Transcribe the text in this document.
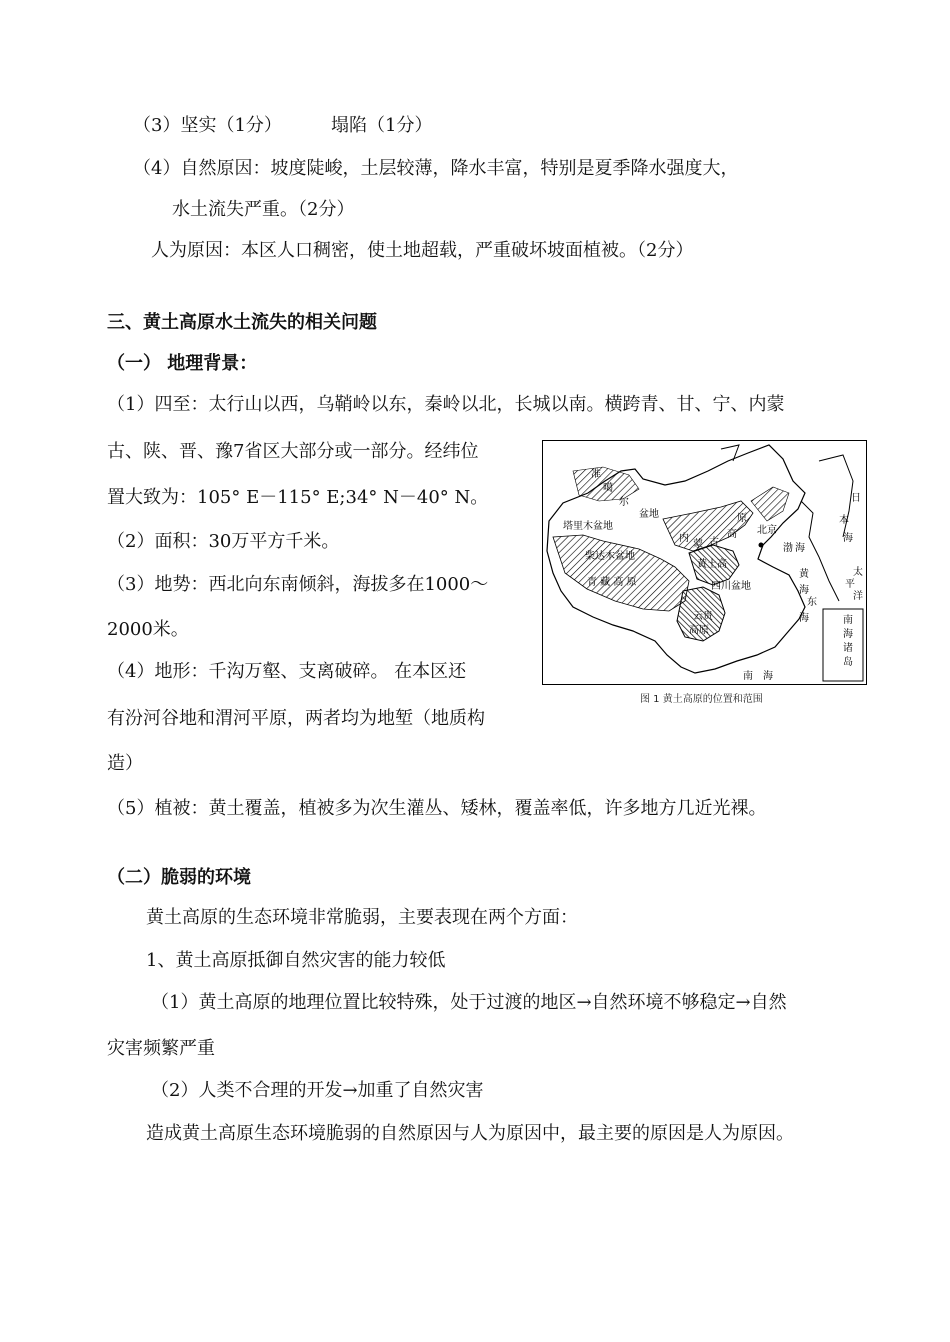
（3）坚实（1分）	塌陷（1分）
（4）自然原因：坡度陡峻，土层较薄，降水丰富，特别是夏季降水强度大，
水土流失严重。（2分）
人为原因：本区人口稠密，使土地超载，严重破坏坡面植被。（2分）
三、黄土高原水土流失的相关问题
（一） 地理背景：
（1）四至：太行山以西，乌鞘岭以东，秦岭以北，长城以南。横跨青、甘、宁、内蒙
古、陕、晋、豫7省区大部分或一部分。经纬位
置大致为：105° E－115° E;34° N－40° N。
（2）面积：30万平方千米。
（3）地势：西北向东南倾斜，海拔多在1000～
2000米。
（4）地形：千沟万壑、支离破碎。 在本区还
有汾河谷地和渭河平原，两者均为地堑（地质构
造）
（5）植被：黄土覆盖，植被多为次生灌丛、矮林，覆盖率低，许多地方几近光裸。
准
噶
尔
盆地
塔里木盆地
柴达木盆地
青 藏 高 原
内
蒙 古
原
高
黄土高
北京
渤 海
黄
海
四川盆地
东
海
日
本
海
太
平
洋
南　海
南
海
诸
岛
云贵
高原
图 1 黄土高原的位置和范围
（二）脆弱的环境
黄土高原的生态环境非常脆弱，主要表现在两个方面：
1、黄土高原抵御自然灾害的能力较低
（1）黄土高原的地理位置比较特殊，处于过渡的地区→自然环境不够稳定→自然
灾害频繁严重
（2）人类不合理的开发→加重了自然灾害
造成黄土高原生态环境脆弱的自然原因与人为原因中，最主要的原因是人为原因。
